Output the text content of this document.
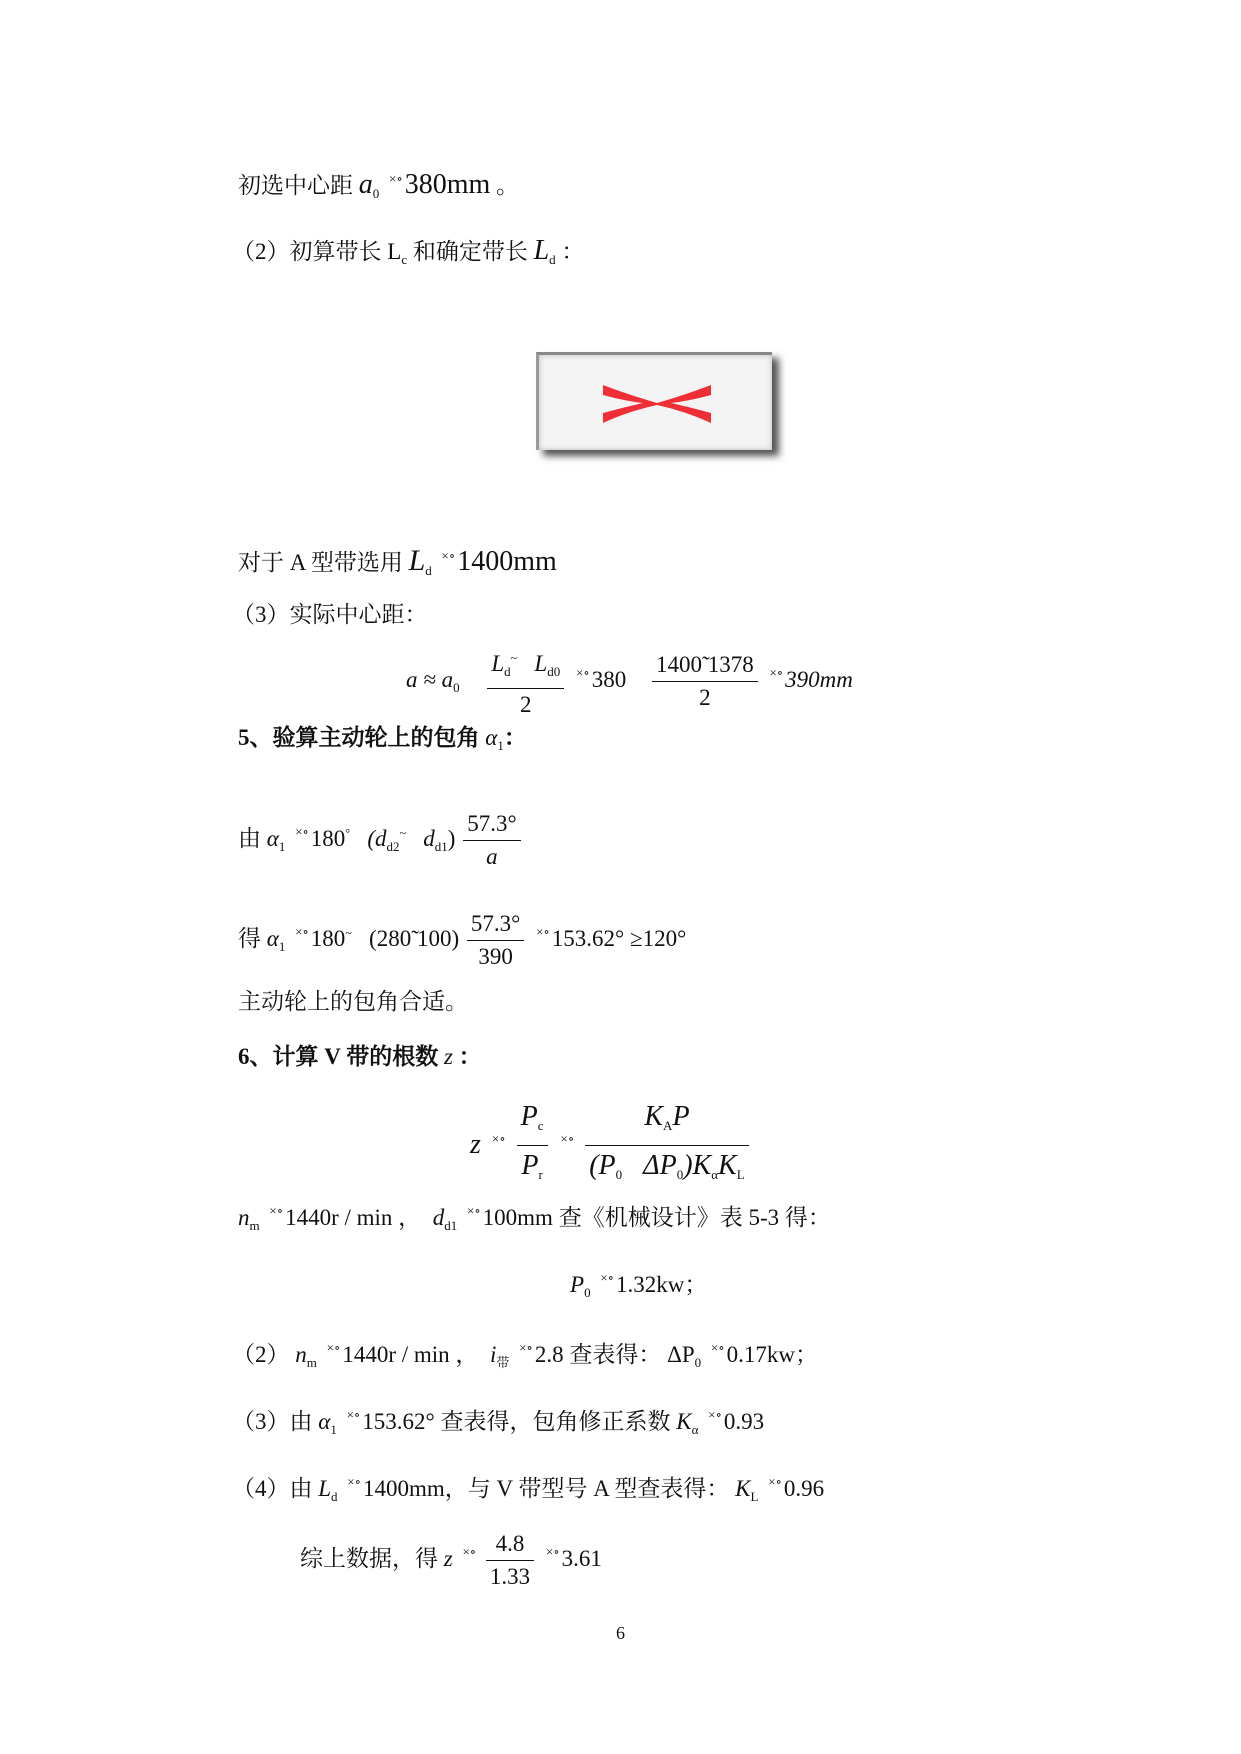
初选中心距 $a_0$ ×∘380mm 。
（2）初算带长 $L_c$ 和确定带长 $L_d$ ：
对于 A 型带选用 $L_d$ ×∘1400mm
（3）实际中心距：
$a \approx a_0 \frac{L_d^\sim L_{d0}}{2} ^{\times\circ}380 \frac{1400̃ 1378}{2} ^{\times\circ}390mm$
5、验算主动轮上的包角 $\alpha_1$：
由 $\alpha_1$ ×∘180° ($d_{d2}^\sim$ $d_{d1}) \frac{57.3^\circ}{a}$
得 $\alpha_1$ ×∘180~ (280̃ $100) \frac{57.3^\circ}{390} ^{\times\circ}153.62^\circ \ge 120^\circ$
主动轮上的包角合适。
6、计算 V 带的根数 z ：
z $^{\times\circ} \frac{P_c}{P_r} ^{\times\circ} \frac{K_AP}{(P_0 \Delta P_0)K_\alpha K_L}$
$n_m$ ×∘1440r / min ， $d_{d1}$ ×∘100mm 查《机械设计》表 5-3 得：
$P_0$ ×∘1.32kw；
（2） $n_m$ ×∘1440r / min ， $i_带$ ×∘2.8 查表得： $\Delta P_0$ ×∘0.17kw；
（3）由 $\alpha_1$ ×∘153.62° 查表得，包角修正系数 $K_\alpha$ ×∘0.93
（4）由 $L_d$ ×∘1400mm，与 V 带型号 A 型查表得： $K_L$ ×∘0.96
综上数据，得 z $^{\times\circ} \frac{4.8}{1.33} ^{\times\circ}3.61$
6
